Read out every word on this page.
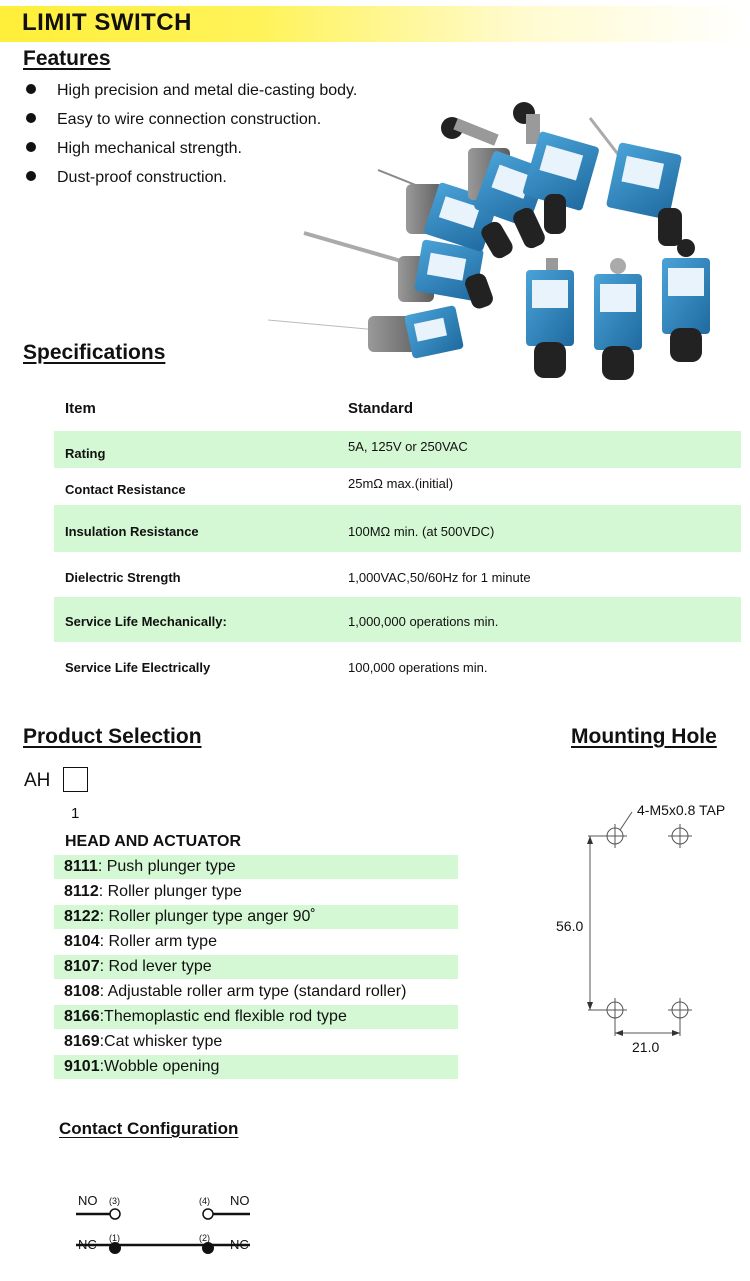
LIMIT SWITCH
Features
High precision and metal die-casting body.
Easy to wire connection construction.
High mechanical strength.
Dust-proof construction.
Specifications
Item	Standard
Rating	5A, 125V or 250VAC
Contact Resistance	25mΩ max.(initial)
Insulation Resistance	100MΩ min. (at 500VDC)
Dielectric Strength	1,000VAC,50/60Hz for 1 minute
Service Life Mechanically:	1,000,000 operations min.
Service Life Electrically	100,000 operations min.
Product Selection	Mounting Hole
AH
1
HEAD AND ACTUATOR
8111: Push plunger type
8112: Roller plunger type
8122: Roller plunger type anger 90˚
8104: Roller arm type
8107: Rod lever type
8108: Adjustable roller arm type (standard roller)
8166:Themoplastic end flexible rod type
8169:Cat whisker type
9101:Wobble opening
4-M5x0.8 TAP
56.0
21.0
Contact Configuration
NO (3)	(4) NO
NC (1)	(2) NC
